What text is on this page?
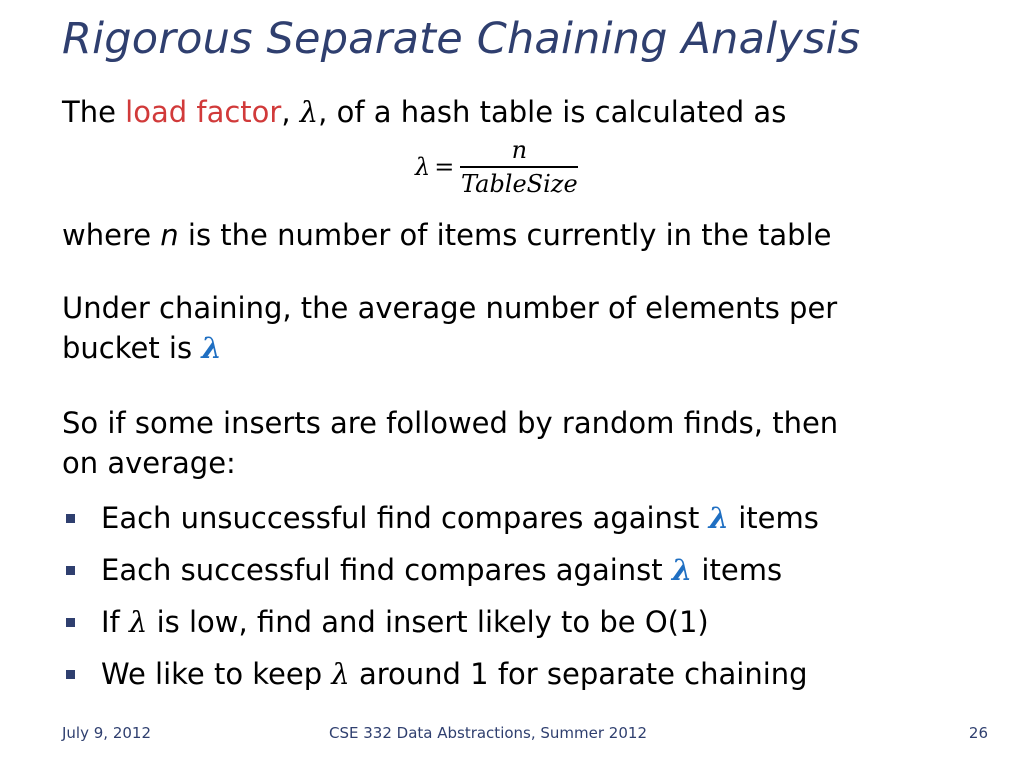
Rigorous Separate Chaining Analysis
The load factor, λ, of a hash table is calculated as
$\lambda = \frac{n}{\text{TableSize}}$
where n is the number of items currently in the table
Under chaining, the average number of elements per
bucket is λ
So if some inserts are followed by random finds, then
on average:
Each unsuccessful find compares against λ items
Each successful find compares against λ items
If λ is low, find and insert likely to be O(1)
We like to keep λ around 1 for separate chaining
July 9, 2012	CSE 332 Data Abstractions, Summer 2012	26
